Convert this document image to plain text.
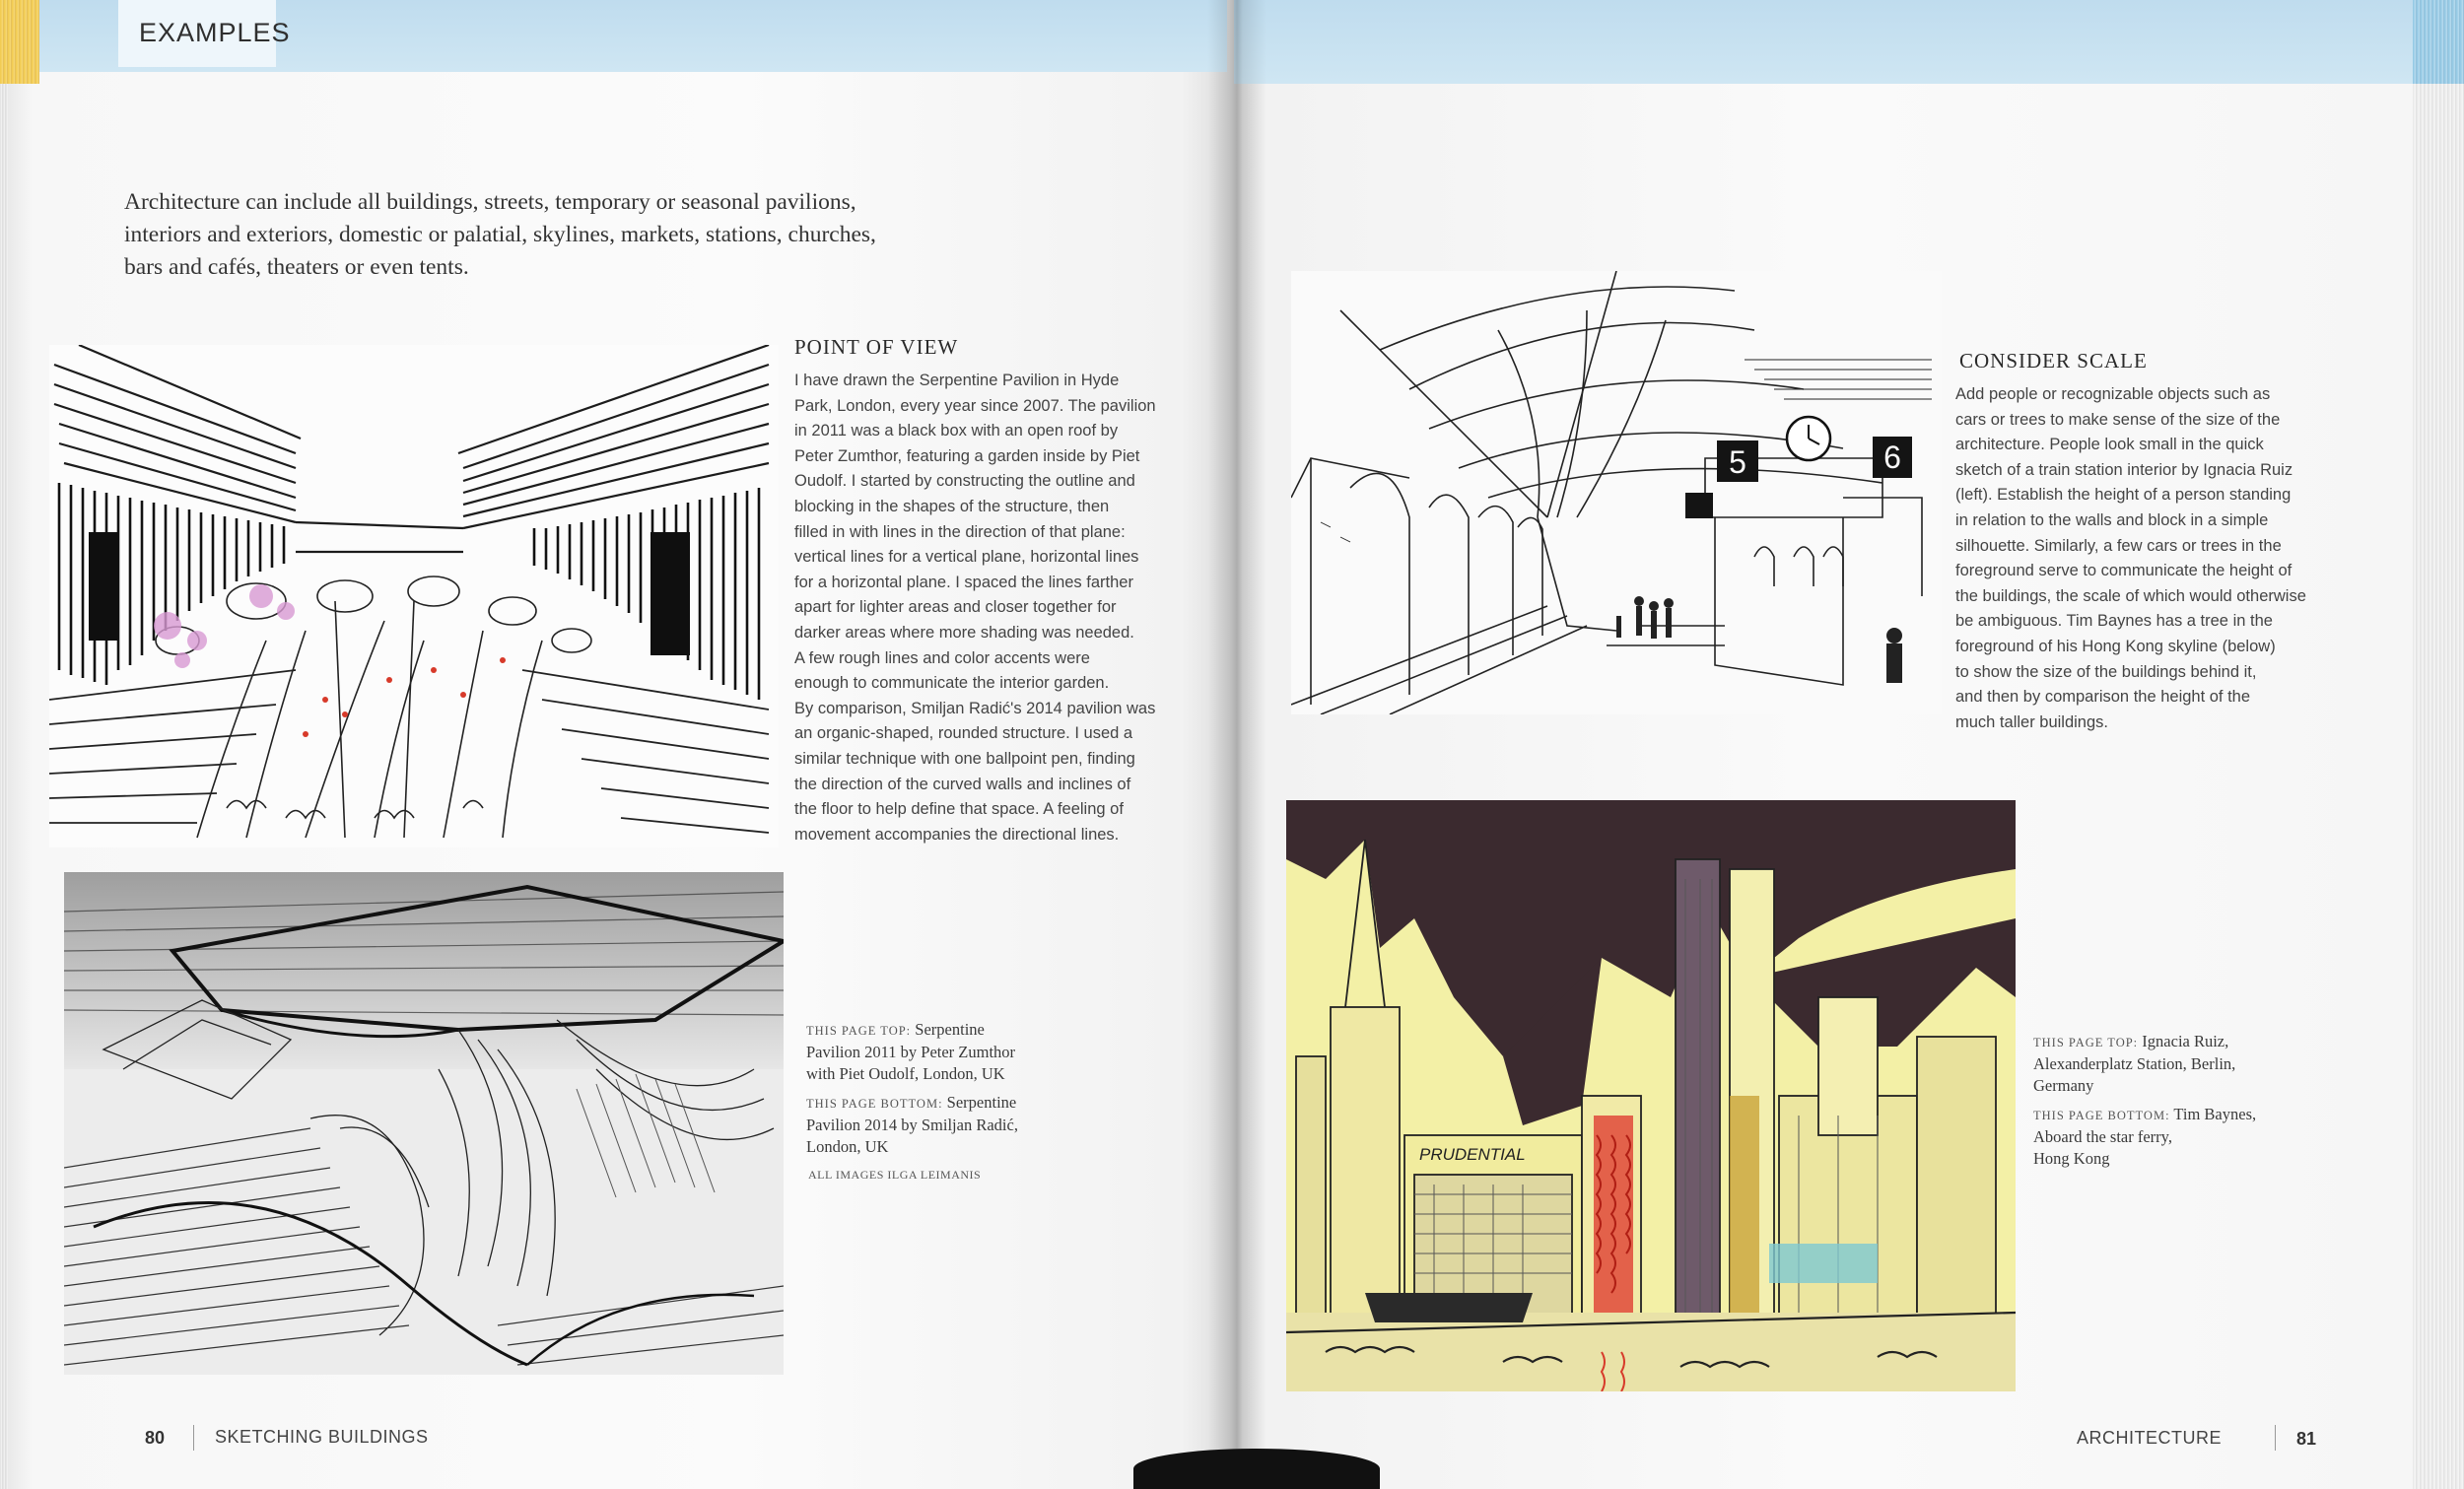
EXAMPLES
Architecture can include all buildings, streets, temporary or seasonal pavilions, interiors and exteriors, domestic or palatial, skylines, markets, stations, churches, bars and cafés, theaters or even tents.
POINT OF VIEW
I have drawn the Serpentine Pavilion in Hyde
Park, London, every year since 2007. The pavilion
in 2011 was a black box with an open roof by
Peter Zumthor, featuring a garden inside by Piet
Oudolf. I started by constructing the outline and
blocking in the shapes of the structure, then
filled in with lines in the direction of that plane:
vertical lines for a vertical plane, horizontal lines
for a horizontal plane. I spaced the lines farther
apart for lighter areas and closer together for
darker areas where more shading was needed.
A few rough lines and color accents were
enough to communicate the interior garden.
By comparison, Smiljan Radić's 2014 pavilion was
an organic-shaped, rounded structure. I used a
similar technique with one ballpoint pen, finding
the direction of the curved walls and inclines of
the floor to help define that space. A feeling of
movement accompanies the directional lines.
THIS PAGE TOP: Serpentine
Pavilion 2011 by Peter Zumthor
with Piet Oudolf, London, UK
THIS PAGE BOTTOM: Serpentine
Pavilion 2014 by Smiljan Radić,
London, UK
ALL IMAGES ILGA LEIMANIS
80	SKETCHING BUILDINGS
CONSIDER SCALE
Add people or recognizable objects such as
cars or trees to make sense of the size of the
architecture. People look small in the quick
sketch of a train station interior by Ignacia Ruiz
(left). Establish the height of a person standing
in relation to the walls and block in a simple
silhouette. Similarly, a few cars or trees in the
foreground serve to communicate the height of
the buildings, the scale of which would otherwise
be ambiguous. Tim Baynes has a tree in the
foreground of his Hong Kong skyline (below)
to show the size of the buildings behind it,
and then by comparison the height of the
much taller buildings.
THIS PAGE TOP: Ignacia Ruiz,
Alexanderplatz Station, Berlin,
Germany
THIS PAGE BOTTOM: Tim Baynes,
Aboard the star ferry,
Hong Kong
ARCHITECTURE	81
5	6
PRUDENTIAL
